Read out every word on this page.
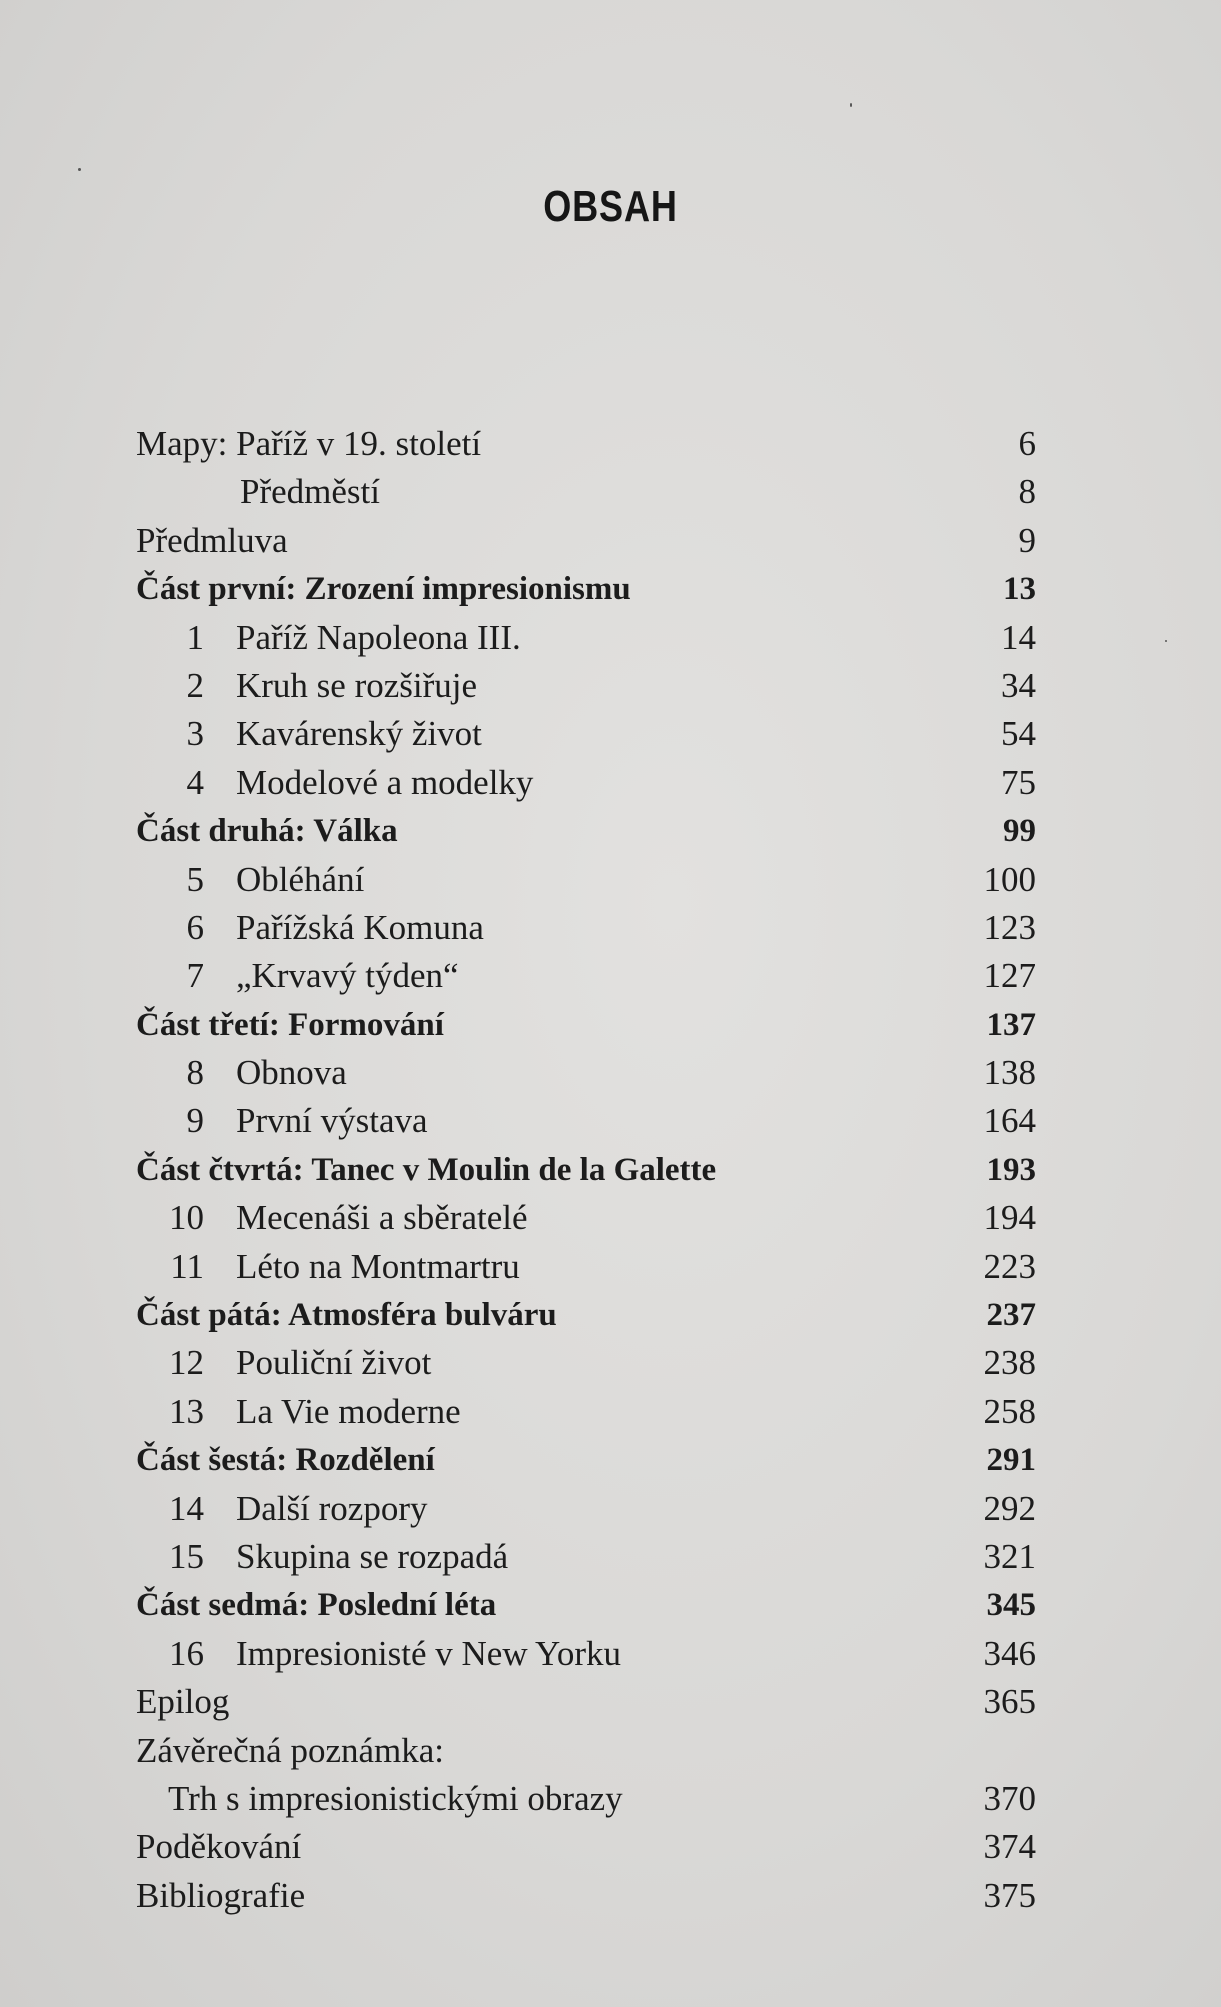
OBSAH
Mapy: Paříž v 19. století	6
Předměstí	8
Předmluva	9
Část první: Zrození impresionismu	13
1 Paříž Napoleona III.	14
2 Kruh se rozšiřuje	34
3 Kavárenský život	54
4 Modelové a modelky	75
Část druhá: Válka	99
5 Obléhání	100
6 Pařížská Komuna	123
7 „Krvavý týden“	127
Část třetí: Formování	137
8 Obnova	138
9 První výstava	164
Část čtvrtá: Tanec v Moulin de la Galette	193
10 Mecenáši a sběratelé	194
11 Léto na Montmartru	223
Část pátá: Atmosféra bulváru	237
12 Pouliční život	238
13 La Vie moderne	258
Část šestá: Rozdělení	291
14 Další rozpory	292
15 Skupina se rozpadá	321
Část sedmá: Poslední léta	345
16 Impresionisté v New Yorku	346
Epilog	365
Závěrečná poznámka:
Trh s impresionistickými obrazy	370
Poděkování	374
Bibliografie	375
